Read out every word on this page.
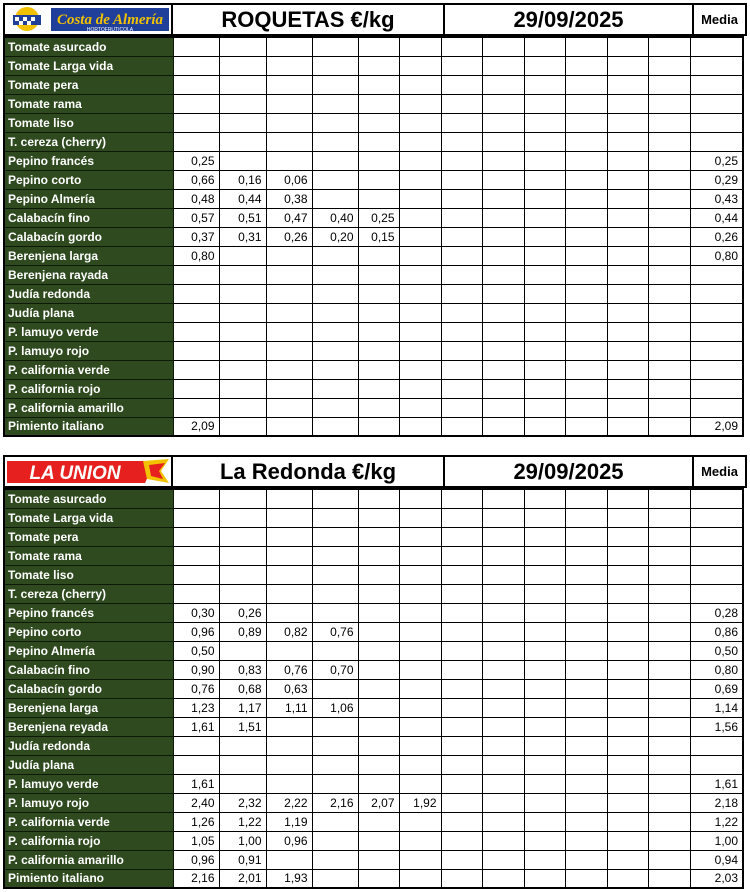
Costa de Almería
HORTOFRUTICOLA	ROQUETAS €/kg	29/09/2025	Media
Tomate asurcado													
Tomate Larga vida													
Tomate pera													
Tomate rama													
Tomate liso													
T. cereza (cherry)													
Pepino francés	0,25												0,25
Pepino corto	0,66	0,16	0,06										0,29
Pepino Almería	0,48	0,44	0,38										0,43
Calabacín fino	0,57	0,51	0,47	0,40	0,25								0,44
Calabacín gordo	0,37	0,31	0,26	0,20	0,15								0,26
Berenjena larga	0,80												0,80
Berenjena rayada													
Judía redonda													
Judía plana													
P. lamuyo verde													
P. lamuyo rojo													
P. california verde													
P. california rojo													
P. california amarillo													
Pimiento italiano	2,09												2,09
LA UNION	La Redonda €/kg	29/09/2025	Media
Tomate asurcado													
Tomate Larga vida													
Tomate pera													
Tomate rama													
Tomate liso													
T. cereza (cherry)													
Pepino francés	0,30	0,26											0,28
Pepino corto	0,96	0,89	0,82	0,76									0,86
Pepino Almería	0,50												0,50
Calabacín fino	0,90	0,83	0,76	0,70									0,80
Calabacín gordo	0,76	0,68	0,63										0,69
Berenjena larga	1,23	1,17	1,11	1,06									1,14
Berenjena reyada	1,61	1,51											1,56
Judía redonda													
Judía plana													
P. lamuyo verde	1,61												1,61
P. lamuyo rojo	2,40	2,32	2,22	2,16	2,07	1,92							2,18
P. california verde	1,26	1,22	1,19										1,22
P. california rojo	1,05	1,00	0,96										1,00
P. california amarillo	0,96	0,91											0,94
Pimiento italiano	2,16	2,01	1,93										2,03
